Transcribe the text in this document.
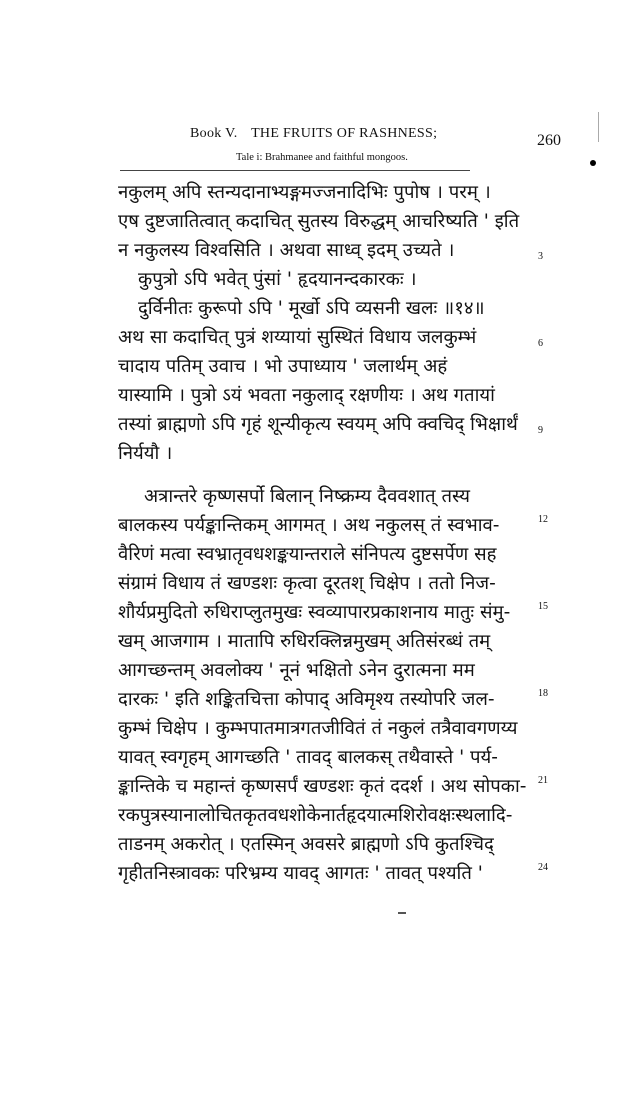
Book V. THE FRUITS OF RASHNESS;	260
Tale i: Brahmanee and faithful mongoos.
नकुलम् अपि स्तन्यदानाभ्यङ्गमज्जनादिभिः पुपोष । परम् ।
एष दुष्टजातित्वात् कदाचित् सुतस्य विरुद्धम् आचरिष्यति ' इति
न नकुलस्य विश्वसिति । अथवा साध्व् इदम् उच्यते ।
कुपुत्रो ऽपि भवेत् पुंसां ' हृदयानन्दकारकः ।
दुर्विनीतः कुरूपो ऽपि ' मूर्खो ऽपि व्यसनी खलः ॥१४॥
अथ सा कदाचित् पुत्रं शय्यायां सुस्थितं विधाय जलकुम्भं
चादाय पतिम् उवाच । भो उपाध्याय ' जलार्थम् अहं
यास्यामि । पुत्रो ऽयं भवता नकुलाद् रक्षणीयः । अथ गतायां
तस्यां ब्राह्मणो ऽपि गृहं शून्यीकृत्य स्वयम् अपि क्वचिद् भिक्षार्थं
निर्ययौ ।
अत्रान्तरे कृष्णसर्पो बिलान् निष्क्रम्य दैववशात् तस्य
बालकस्य पर्यङ्कान्तिकम् आगमत् । अथ नकुलस् तं स्वभाव-
वैरिणं मत्वा स्वभ्रातृवधशङ्कयान्तराले संनिपत्य दुष्टसर्पेण सह
संग्रामं विधाय तं खण्डशः कृत्वा दूरतश् चिक्षेप । ततो निज-
शौर्यप्रमुदितो रुधिराप्लुतमुखः स्वव्यापारप्रकाशनाय मातुः संमु-
खम् आजगाम । मातापि रुधिरक्लिन्नमुखम् अतिसंरब्धं तम्
आगच्छन्तम् अवलोक्य ' नूनं भक्षितो ऽनेन दुरात्मना मम
दारकः ' इति शङ्कितचित्ता कोपाद् अविमृश्य तस्योपरि जल-
कुम्भं चिक्षेप । कुम्भपातमात्रगतजीवितं तं नकुलं तत्रैवावगणय्य
यावत् स्वगृहम् आगच्छति ' तावद् बालकस् तथैवास्ते ' पर्य-
ङ्कान्तिके च महान्तं कृष्णसर्पं खण्डशः कृतं ददर्श । अथ सोपका-
रकपुत्रस्यानालोचितकृतवधशोकेनार्तहृदयात्मशिरोवक्षःस्थलादि-
ताडनम् अकरोत् । एतस्मिन् अवसरे ब्राह्मणो ऽपि कुतश्चिद्
गृहीतनिस्त्रावकः परिभ्रम्य यावद् आगतः ' तावत् पश्यति '
3
6
9
12
15
18
21
24
